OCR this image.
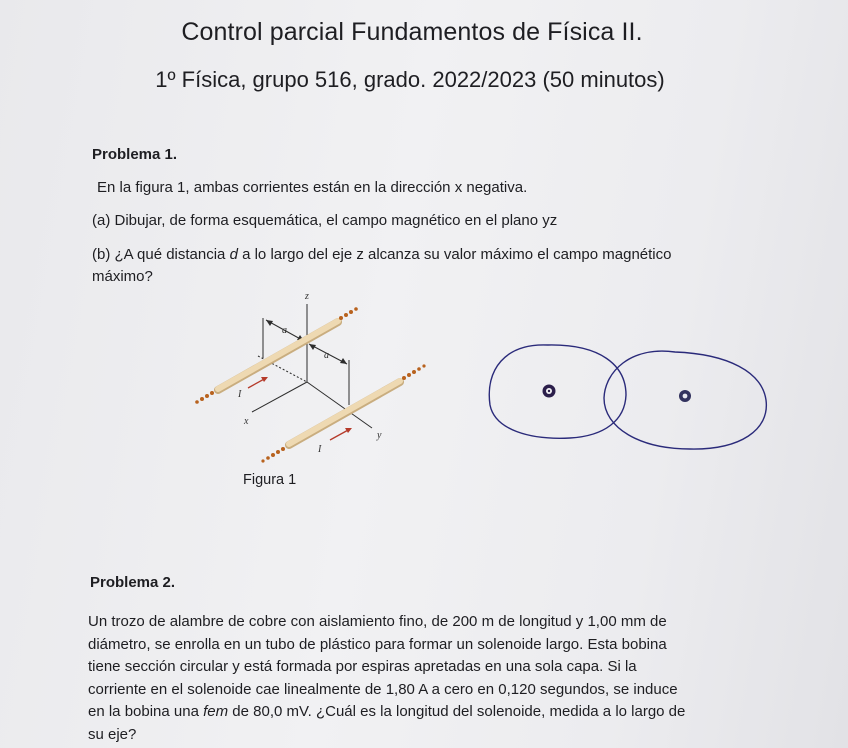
Control parcial Fundamentos de Física II.
1º Física, grupo 516, grado. 2022/2023 (50 minutos)
Problema 1.
En la figura 1, ambas corrientes están en la dirección x negativa.
(a) Dibujar, de forma esquemática, el campo magnético en el plano yz
(b) ¿A qué distancia d a lo largo del eje z alcanza su valor máximo el campo magnético
máximo?
z
x
y
a
a
I
I
Figura 1
Problema 2.
Un trozo de alambre de cobre con aislamiento fino, de 200 m de longitud y 1,00 mm de
diámetro, se enrolla en un tubo de plástico para formar un solenoide largo. Esta bobina
tiene sección circular y está formada por espiras apretadas en una sola capa. Si la
corriente en el solenoide cae linealmente de 1,80 A a cero en 0,120 segundos, se induce
en la bobina una fem de 80,0 mV. ¿Cuál es la longitud del solenoide, medida a lo largo de
su eje?
